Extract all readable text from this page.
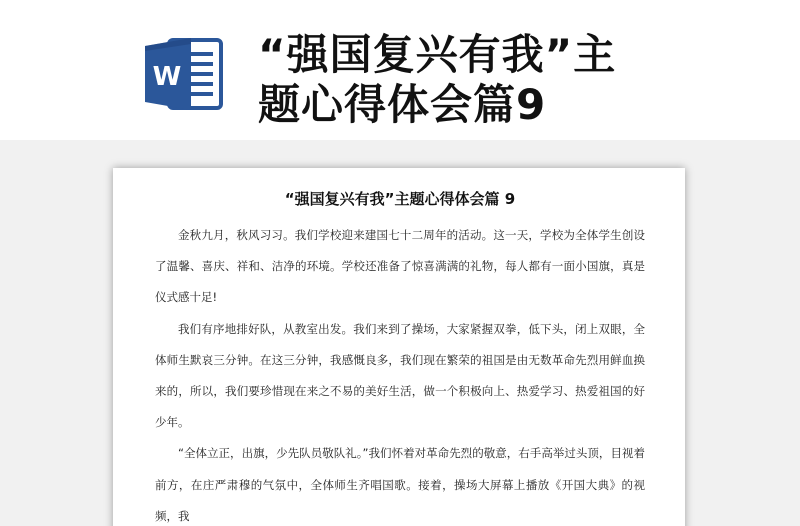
W “强国复兴有我”主
题心得体会篇9
“强国复兴有我”主题心得体会篇 9

金秋九月，秋风习习。我们学校迎来建国七十二周年的活动。这一天，学校为全体学生创设了温馨、喜庆、祥和、洁净的环境。学校还准备了惊喜满满的礼物，每人都有一面小国旗，真是仪式感十足!

我们有序地排好队，从教室出发。我们来到了操场，大家紧握双拳，低下头，闭上双眼，全体师生默哀三分钟。在这三分钟，我感慨良多，我们现在繁荣的祖国是由无数革命先烈用鲜血换来的，所以，我们要珍惜现在来之不易的美好生活，做一个积极向上、热爱学习、热爱祖国的好少年。

“全体立正，出旗，少先队员敬队礼。”我们怀着对革命先烈的敬意，右手高举过头顶，目视着前方，在庄严肃穆的气氛中，全体师生齐唱国歌。接着，操场大屏幕上播放《开国大典》的视频，我
